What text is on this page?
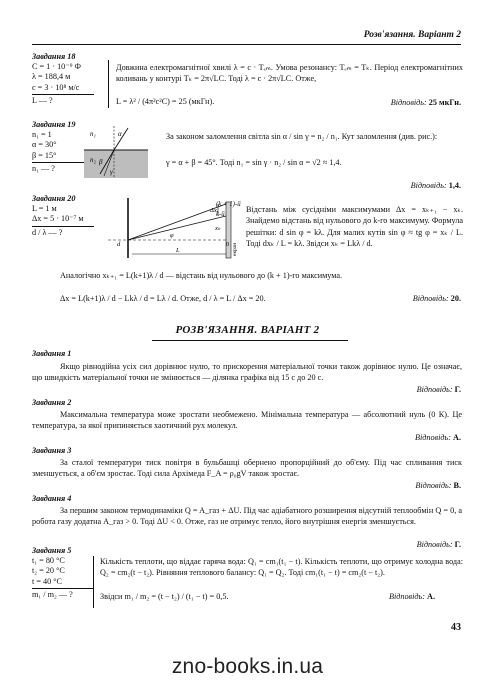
Розв'язання. Варіант 2
Завдання 18
C = 1 · 10⁻⁹ Ф
λ = 188,4 м
c = 3 · 10⁸ м/с
L — ?
Довжина електромагнітної хвилі λ = c · Tₑₘ. Умова резонансу: Tₑₘ = Tₖ. Період електромагнітних коливань у контурі Tₖ = 2π√LC. Тоді λ = c · 2π√LC. Отже,
L = λ² / (4π²c²C) = 25 (мкГн).	Відповідь: 25 мкГн.
Завдання 19
n₁ = 1
α = 30°
β = 15°
n₁ — ?
n₁
n₂
α
β
γ
За законом заломлення світла sin α / sin γ = n₂ / n₁. Кут заломлення (див. рис.):
γ = α + β = 45°. Тоді n₁ = sin γ · n₂ / sin α = √2 ≈ 1,4.
Відповідь: 1,4.
Завдання 20
L = 1 м
Δx = 5 · 10⁻⁷ м
d / λ — ?
Δx
xₖ
0
φ
L
d	екран
(k + 1)-й
k-й
Відстань між сусідніми максимумами Δx = xₖ₊₁ − xₖ. Знайдемо відстань від нульового до k-го максимуму. Формула решітки: d sin φ = kλ. Для малих кутів sin φ ≈ tg φ = xₖ / L. Тоді dxₖ / L = kλ. Звідси xₖ = Lkλ / d.
Аналогічно xₖ₊₁ = L(k+1)λ / d — відстань від нульового до (k + 1)-го максимума.
Δx = L(k+1)λ / d − Lkλ / d = Lλ / d. Отже, d / λ = L / Δx = 20.	Відповідь: 20.
РОЗВ'ЯЗАННЯ. ВАРІАНТ 2
Завдання 1
Якщо рівнодійна усіх сил дорівнює нулю, то прискорення матеріальної точки також дорівнює нулю. Це означає, що швидкість матеріальної точки не змінюється — ділянка графіка від 15 с до 20 с.
Відповідь: Г.
Завдання 2
Максимальна температура може зростати необмежено. Мінімальна температура — абсолютний нуль (0 К). Це температура, за якої припиняється хаотичний рух молекул.
Відповідь: А.
Завдання 3
За сталої температури тиск повітря в бульбашці обернено пропорційний до об'єму. Під час спливання тиск зменшується, а об'єм зростає. Тоді сила Архімеда F_A = ρ₀gV також зростає.
Відповідь: В.
Завдання 4
За першим законом термодинаміки Q = A_газ + ΔU. Під час адіабатного розширення відсутній теплообмін Q = 0, а робота газу додатна A_газ > 0. Тоді ΔU < 0. Отже, газ не отримує тепло, його внутрішня енергія зменшується.
Відповідь: Г.
Завдання 5
t₁ = 80 °C
t₂ = 20 °C
t = 40 °C
m₁ / m₂ — ?
Кількість теплоти, що віддає гаряча вода: Q₁ = cm₁(t₁ − t). Кількість теплоти, що отримує холодна вода: Q₂ = cm₂(t − t₂). Рівняння теплового балансу: Q₁ = Q₂. Тоді cm₁(t₁ − t) = cm₂(t − t₂).
Звідси m₁ / m₂ = (t − t₂) / (t₁ − t) = 0,5.	Відповідь: А.
43
zno-books.in.ua
